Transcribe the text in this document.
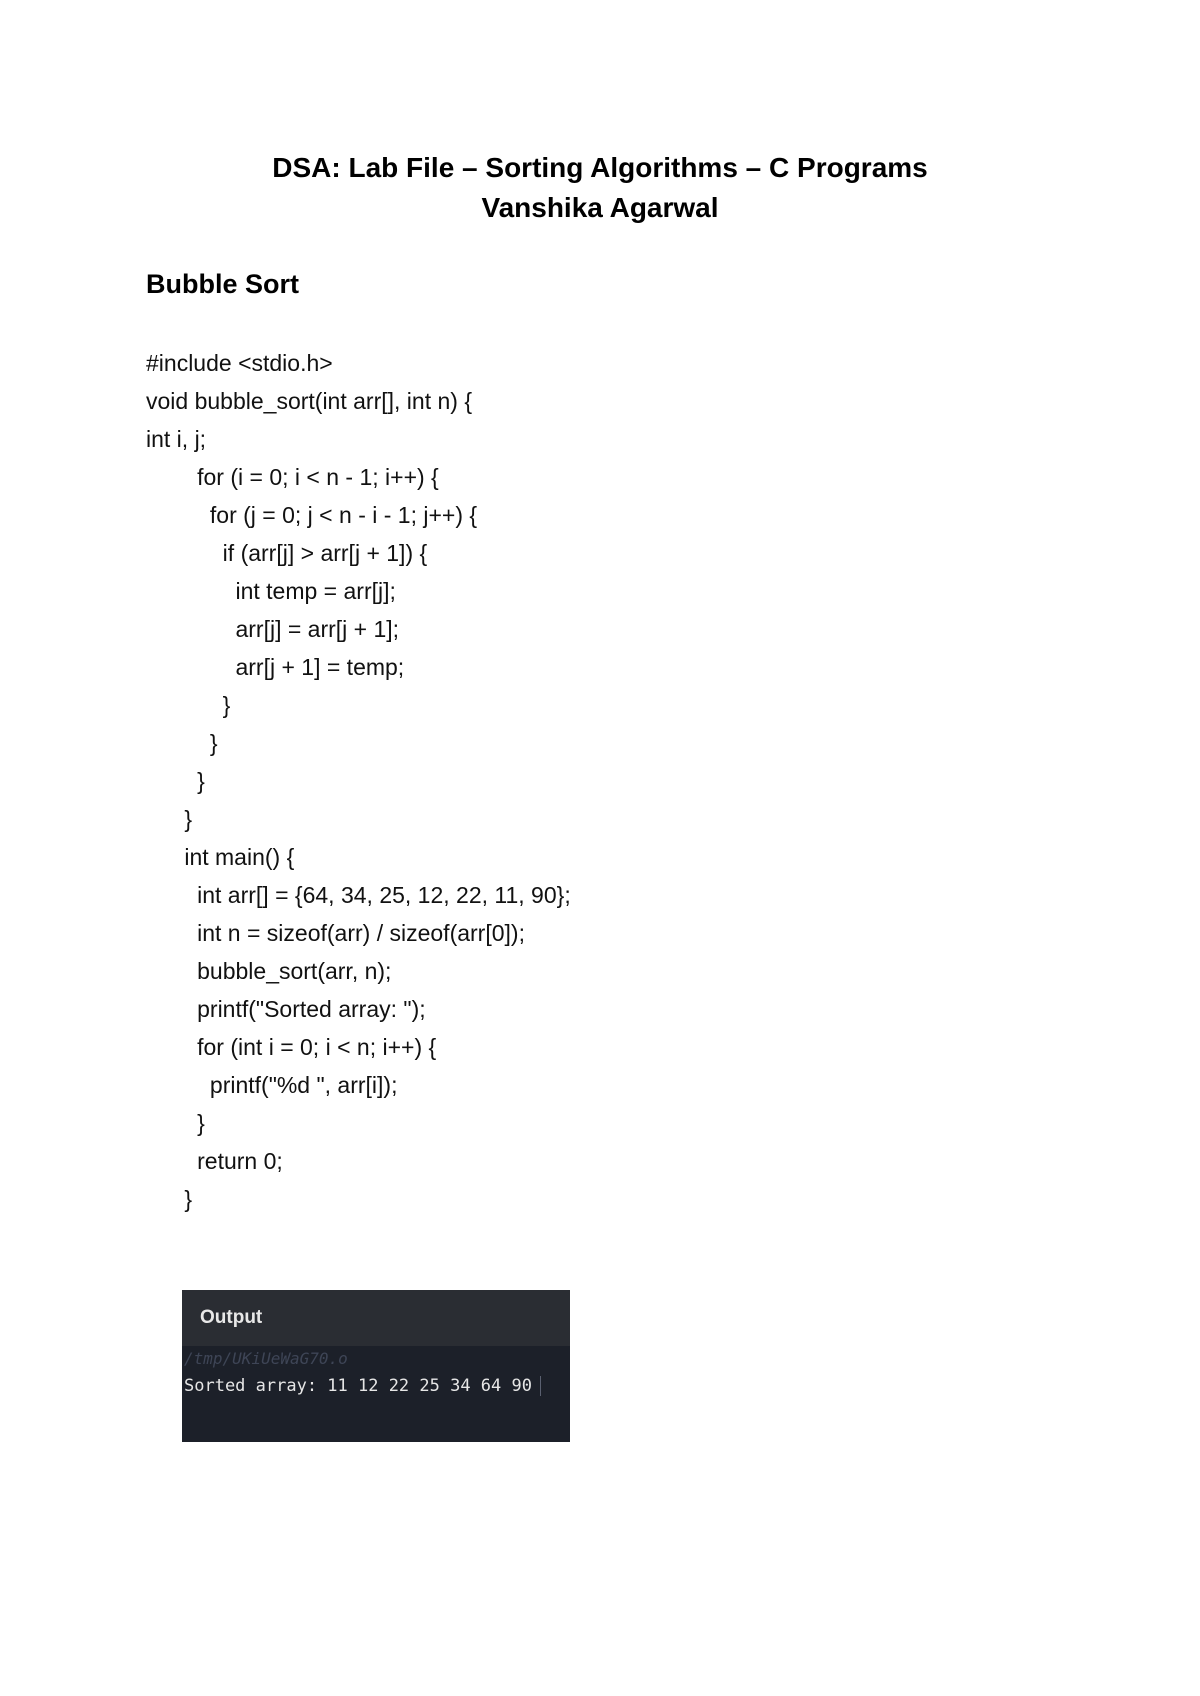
DSA: Lab File – Sorting Algorithms – C Programs
Vanshika Agarwal
Bubble Sort
#include <stdio.h>
void bubble_sort(int arr[], int n) {
int i, j;
for (i = 0; i < n - 1; i++) {
for (j = 0; j < n - i - 1; j++) {
if (arr[j] > arr[j + 1]) {
int temp = arr[j];
arr[j] = arr[j + 1];
arr[j + 1] = temp;
}
}
}
}
int main() {
int arr[] = {64, 34, 25, 12, 22, 11, 90};
int n = sizeof(arr) / sizeof(arr[0]);
bubble_sort(arr, n);
printf("Sorted array: ");
for (int i = 0; i < n; i++) {
printf("%d ", arr[i]);
}
return 0;
}
Output
/tmp/UKiUeWaG70.o
Sorted array: 11 12 22 25 34 64 90
